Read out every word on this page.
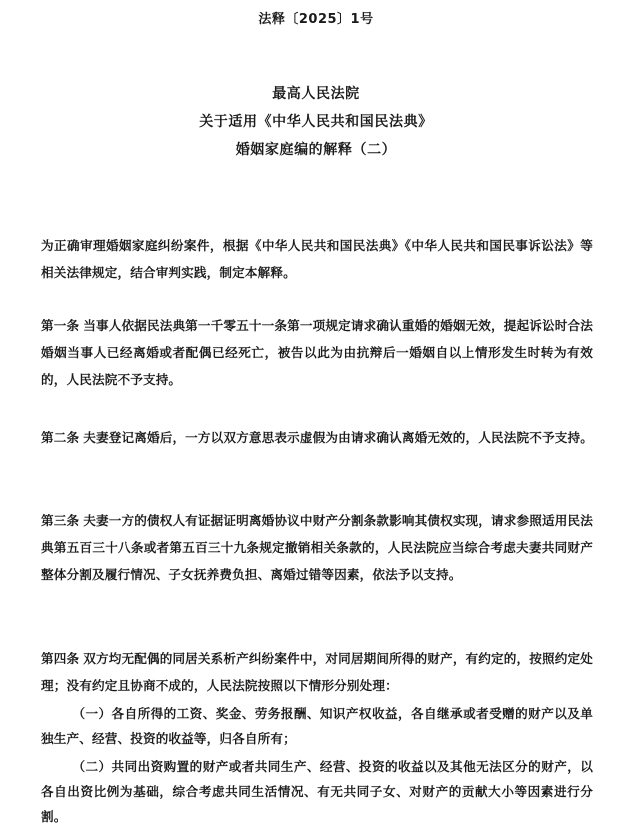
法释〔2025〕1号
最高人民法院
关于适用《中华人民共和国民法典》
婚姻家庭编的解释（二）
为正确审理婚姻家庭纠纷案件，根据《中华人民共和国民法典》《中华人民共和国民事诉讼法》等相关法律规定，结合审判实践，制定本解释。
第一条 当事人依据民法典第一千零五十一条第一项规定请求确认重婚的婚姻无效，提起诉讼时合法婚姻当事人已经离婚或者配偶已经死亡，被告以此为由抗辩后一婚姻自以上情形发生时转为有效的，人民法院不予支持。
第二条 夫妻登记离婚后，一方以双方意思表示虚假为由请求确认离婚无效的，人民法院不予支持。
第三条 夫妻一方的债权人有证据证明离婚协议中财产分割条款影响其债权实现，请求参照适用民法典第五百三十八条或者第五百三十九条规定撤销相关条款的，人民法院应当综合考虑夫妻共同财产整体分割及履行情况、子女抚养费负担、离婚过错等因素，依法予以支持。
第四条 双方均无配偶的同居关系析产纠纷案件中，对同居期间所得的财产，有约定的，按照约定处理；没有约定且协商不成的，人民法院按照以下情形分别处理：
（一）各自所得的工资、奖金、劳务报酬、知识产权收益，各自继承或者受赠的财产以及单独生产、经营、投资的收益等，归各自所有；
（二）共同出资购置的财产或者共同生产、经营、投资的收益以及其他无法区分的财产，以各自出资比例为基础，综合考虑共同生活情况、有无共同子女、对财产的贡献大小等因素进行分割。
